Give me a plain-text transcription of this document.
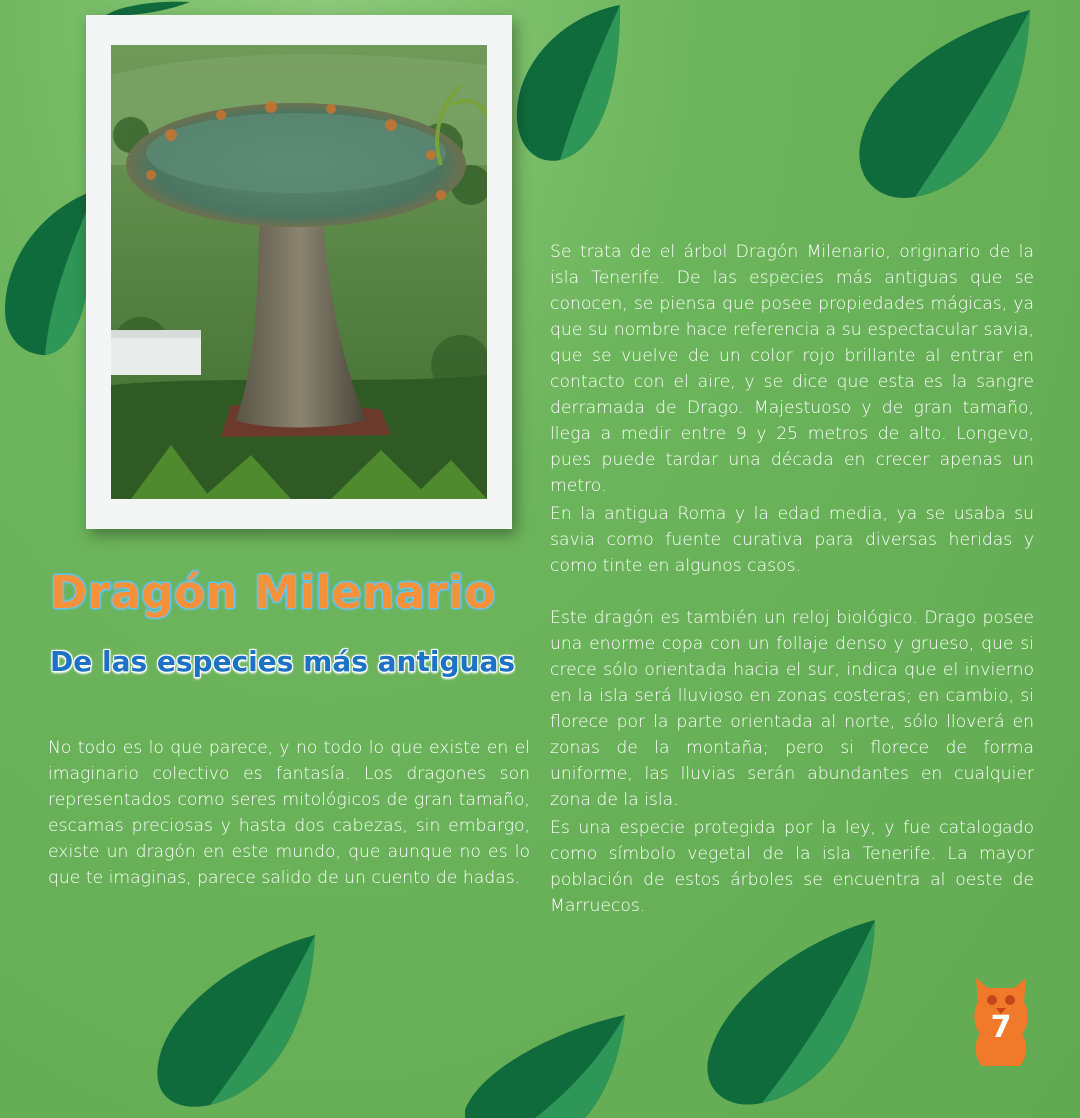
Dragón Milenario
De las especies más antiguas

No todo es lo que parece, y no todo lo que existe en el imaginario colectivo es fantasía. Los dragones son representados como seres mitológicos de gran tamaño, escamas preciosas y hasta dos cabezas, sin embargo, existe un dragón en este mundo, que aunque no es lo que te imaginas, parece salido de un cuento de hadas.

Se trata de el árbol Dragón Milenario, originario de la isla Tenerife. De las especies más antiguas que se conocen, se piensa que posee propiedades mágicas, ya que su nombre hace referencia a su espectacular savia, que se vuelve de un color rojo brillante al entrar en contacto con el aire, y se dice que esta es la sangre derramada de Drago. Majestuoso y de gran tamaño, llega a medir entre 9 y 25 metros de alto. Longevo, pues puede tardar una década en crecer apenas un metro.

En la antigua Roma y la edad media, ya se usaba su savia como fuente curativa para diversas heridas y como tinte en algunos casos.

Este dragón es también un reloj biológico. Drago posee una enorme copa con un follaje denso y grueso, que si crece sólo orientada hacia el sur, indica que el invierno en la isla será lluvioso en zonas costeras; en cambio, si florece por la parte orientada al norte, sólo lloverá en zonas de la montaña; pero si florece de forma uniforme, las lluvias serán abundantes en cualquier zona de la isla.

Es una especie protegida por la ley, y fue catalogado como símbolo vegetal de la isla Tenerife. La mayor población de estos árboles se encuentra al oeste de Marruecos.

7
